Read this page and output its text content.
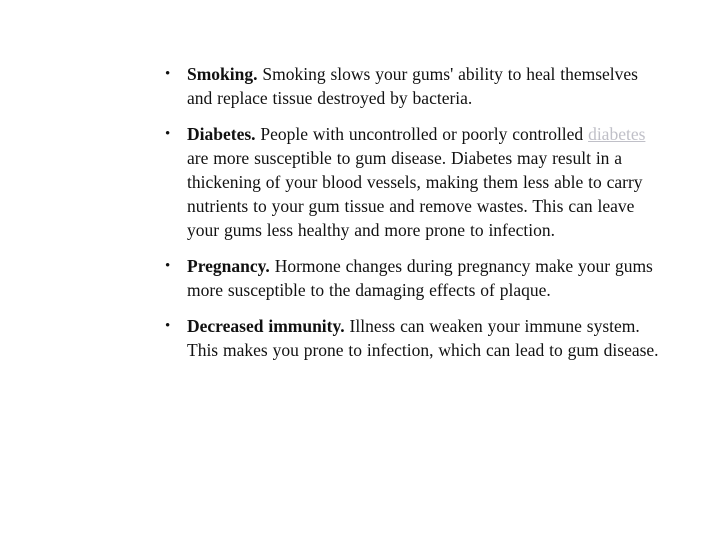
• Smoking. Smoking slows your gums' ability to heal themselves and replace tissue destroyed by bacteria.
• Diabetes. People with uncontrolled or poorly controlled diabetes are more susceptible to gum disease. Diabetes may result in a thickening of your blood vessels, making them less able to carry nutrients to your gum tissue and remove wastes. This can leave your gums less healthy and more prone to infection.
• Pregnancy. Hormone changes during pregnancy make your gums more susceptible to the damaging effects of plaque.
• Decreased immunity. Illness can weaken your immune system. This makes you prone to infection, which can lead to gum disease.
